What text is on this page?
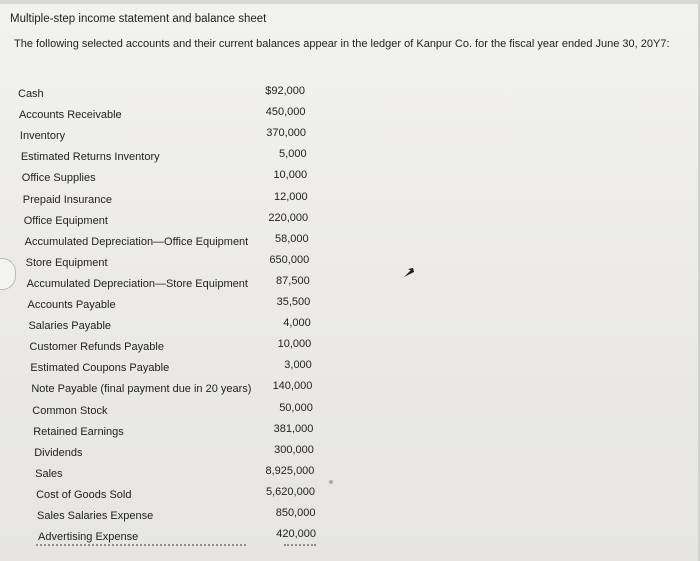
Multiple-step income statement and balance sheet
The following selected accounts and their current balances appear in the ledger of Kanpur Co. for the fiscal year ended June 30, 20Y7:
Cash	$92,000
Accounts Receivable	450,000
Inventory	370,000
Estimated Returns Inventory	5,000
Office Supplies	10,000
Prepaid Insurance	12,000
Office Equipment	220,000
Accumulated Depreciation—Office Equipment	58,000
Store Equipment	650,000
Accumulated Depreciation—Store Equipment	87,500
Accounts Payable	35,500
Salaries Payable	4,000
Customer Refunds Payable	10,000
Estimated Coupons Payable	3,000
Note Payable (final payment due in 20 years)	140,000
Common Stock	50,000
Retained Earnings	381,000
Dividends	300,000
Sales	8,925,000
Cost of Goods Sold	5,620,000
Sales Salaries Expense	850,000
Advertising Expense	420,000
